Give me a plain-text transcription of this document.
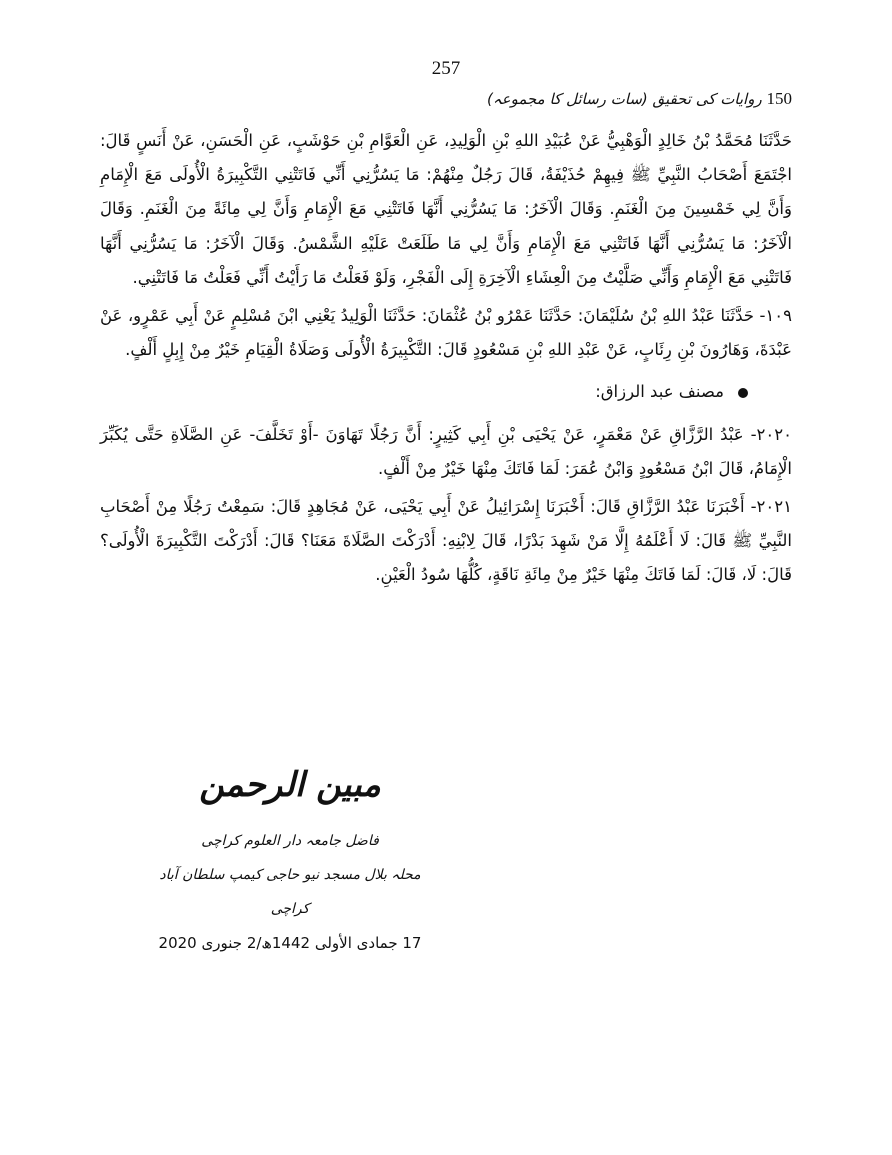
257
150 روایات کی تحقیق (سات رسائل کا مجموعہ)

حَدَّثَنَا مُحَمَّدُ بْنُ خَالِدٍ الْوَهْبِيُّ عَنْ عُبَيْدِ اللهِ بْنِ الْوَلِيدِ، عَنِ الْعَوَّامِ بْنِ حَوْشَبٍ، عَنِ الْحَسَنِ، عَنْ أَنَسٍ قَالَ: اجْتَمَعَ أَصْحَابُ النَّبِيِّ ﷺ فِيهِمْ حُذَيْفَةُ، قَالَ رَجُلٌ مِنْهُمْ: مَا يَسُرُّنِي أَنِّي فَاتَتْنِي التَّكْبِيرَةُ الْأُولَى مَعَ الْإِمَامِ وَأَنَّ لِي خَمْسِينَ مِنَ الْغَنَمِ. وَقَالَ الْآخَرُ: مَا يَسُرُّنِي أَنَّهَا فَاتَتْنِي مَعَ الْإِمَامِ وَأَنَّ لِي مِائَةً مِنَ الْغَنَمِ. وَقَالَ الْآخَرُ: مَا يَسُرُّنِي أَنَّهَا فَاتَتْنِي مَعَ الْإِمَامِ وَأَنَّ لِي مَا طَلَعَتْ عَلَيْهِ الشَّمْسُ. وَقَالَ الْآخَرُ: مَا يَسُرُّنِي أَنَّهَا فَاتَتْنِي مَعَ الْإِمَامِ وَأَنِّي صَلَّيْتُ مِنَ الْعِشَاءِ الْآخِرَةِ إِلَى الْفَجْرِ، وَلَوْ فَعَلْتُ مَا رَأَيْتُ أَنِّي فَعَلْتُ مَا فَاتَتْنِي.

١٠٩- حَدَّثَنَا عَبْدُ اللهِ بْنُ سُلَيْمَانَ: حَدَّثَنَا عَمْرُو بْنُ عُثْمَانَ: حَدَّثَنَا الْوَلِيدُ يَعْنِي ابْنَ مُسْلِمٍ عَنْ أَبِي عَمْرٍو، عَنْ عَبْدَةَ، وَهَارُونَ بْنِ رِئَابٍ، عَنْ عَبْدِ اللهِ بْنِ مَسْعُودٍ قَالَ: التَّكْبِيرَةُ الْأُولَى وَصَلَاةُ الْقِيَامِ خَيْرٌ مِنْ إِبِلٍ أَلْفٍ.

مصنف عبد الرزاق:

٢٠٢٠- عَبْدُ الرَّزَّاقِ عَنْ مَعْمَرٍ، عَنْ يَحْيَى بْنِ أَبِي كَثِيرٍ: أَنَّ رَجُلًا تَهَاوَنَ -أَوْ تَخَلَّفَ- عَنِ الصَّلَاةِ حَتَّى يُكَبِّرَ الْإِمَامُ، قَالَ ابْنُ مَسْعُودٍ وَابْنُ عُمَرَ: لَمَا فَاتَكَ مِنْهَا خَيْرٌ مِنْ أَلْفٍ.

٢٠٢١- أَخْبَرَنَا عَبْدُ الرَّزَّاقِ قَالَ: أَخْبَرَنَا إِسْرَائِيلُ عَنْ أَبِي يَحْيَى، عَنْ مُجَاهِدٍ قَالَ: سَمِعْتُ رَجُلًا مِنْ أَصْحَابِ النَّبِيِّ ﷺ قَالَ: لَا أَعْلَمُهُ إِلَّا مَنْ شَهِدَ بَدْرًا، قَالَ لِابْنِهِ: أَدْرَكْتَ الصَّلَاةَ مَعَنَا؟ قَالَ: أَدْرَكْتَ التَّكْبِيرَةَ الْأُولَى؟ قَالَ: لَا، قَالَ: لَمَا فَاتَكَ مِنْهَا خَيْرٌ مِنْ مِائَةِ نَاقَةٍ، كُلُّهَا سُودُ الْعَيْنِ.

مبین الرحمن
فاضل جامعہ دار العلوم کراچی
محلہ بلال مسجد نیو حاجی کیمپ سلطان آباد کراچی
17 جمادی الأولی 1442ھ/2 جنوری 2020
